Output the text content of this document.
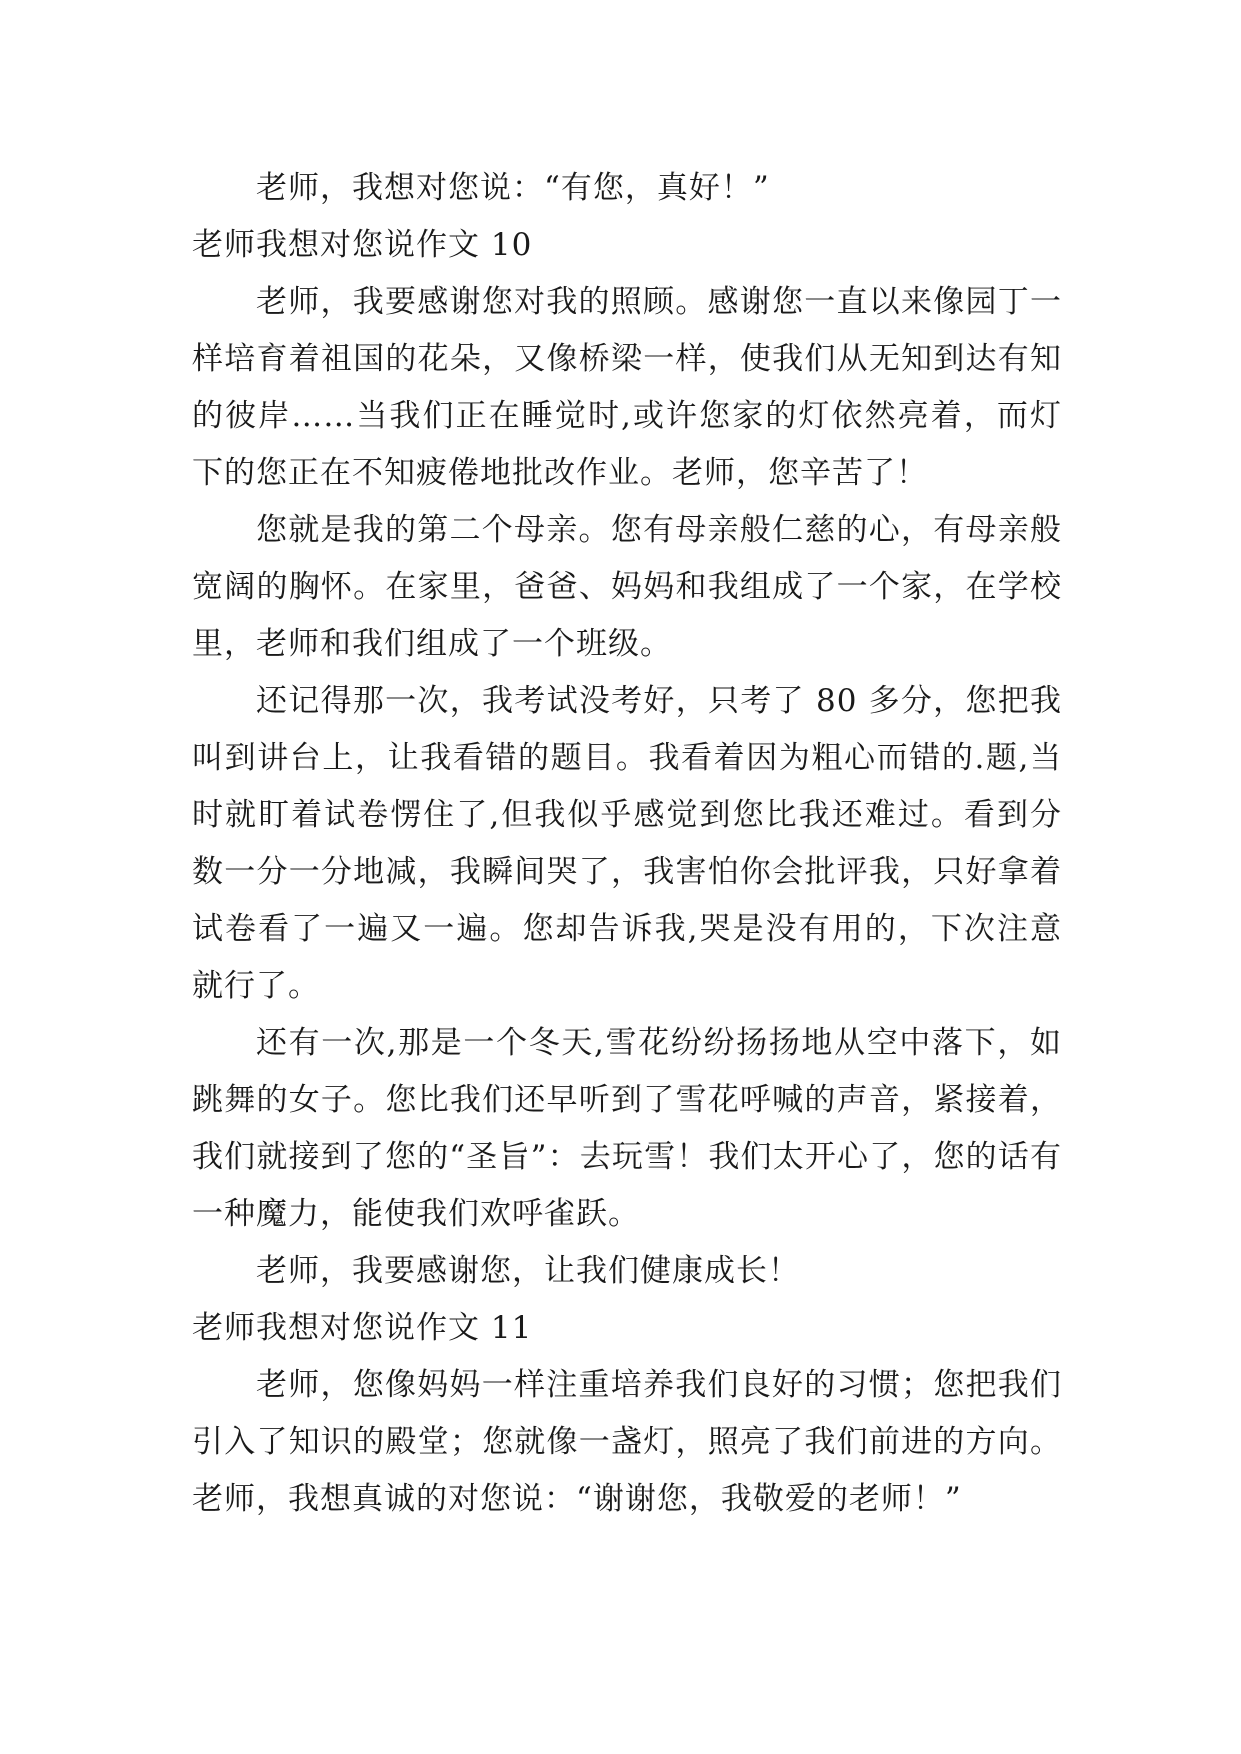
老师，我想对您说：“有您，真好！”

老师我想对您说作文 10

老师，我要感谢您对我的照顾。感谢您一直以来像园丁一样培育着祖国的花朵，又像桥梁一样，使我们从无知到达有知的彼岸……当我们正在睡觉时,或许您家的灯依然亮着，而灯下的您正在不知疲倦地批改作业。老师，您辛苦了！

您就是我的第二个母亲。您有母亲般仁慈的心，有母亲般宽阔的胸怀。在家里，爸爸、妈妈和我组成了一个家，在学校里，老师和我们组成了一个班级。

还记得那一次，我考试没考好，只考了 80 多分，您把我叫到讲台上，让我看错的题目。我看着因为粗心而错的.题,当时就盯着试卷愣住了,但我似乎感觉到您比我还难过。看到分数一分一分地减，我瞬间哭了，我害怕你会批评我，只好拿着试卷看了一遍又一遍。您却告诉我,哭是没有用的，下次注意就行了。

还有一次,那是一个冬天,雪花纷纷扬扬地从空中落下，如跳舞的女子。您比我们还早听到了雪花呼喊的声音，紧接着，我们就接到了您的“圣旨”：去玩雪！我们太开心了，您的话有一种魔力，能使我们欢呼雀跃。

老师，我要感谢您，让我们健康成长！

老师我想对您说作文 11

老师，您像妈妈一样注重培养我们良好的习惯；您把我们引入了知识的殿堂；您就像一盏灯，照亮了我们前进的方向。老师，我想真诚的对您说：“谢谢您，我敬爱的老师！”
